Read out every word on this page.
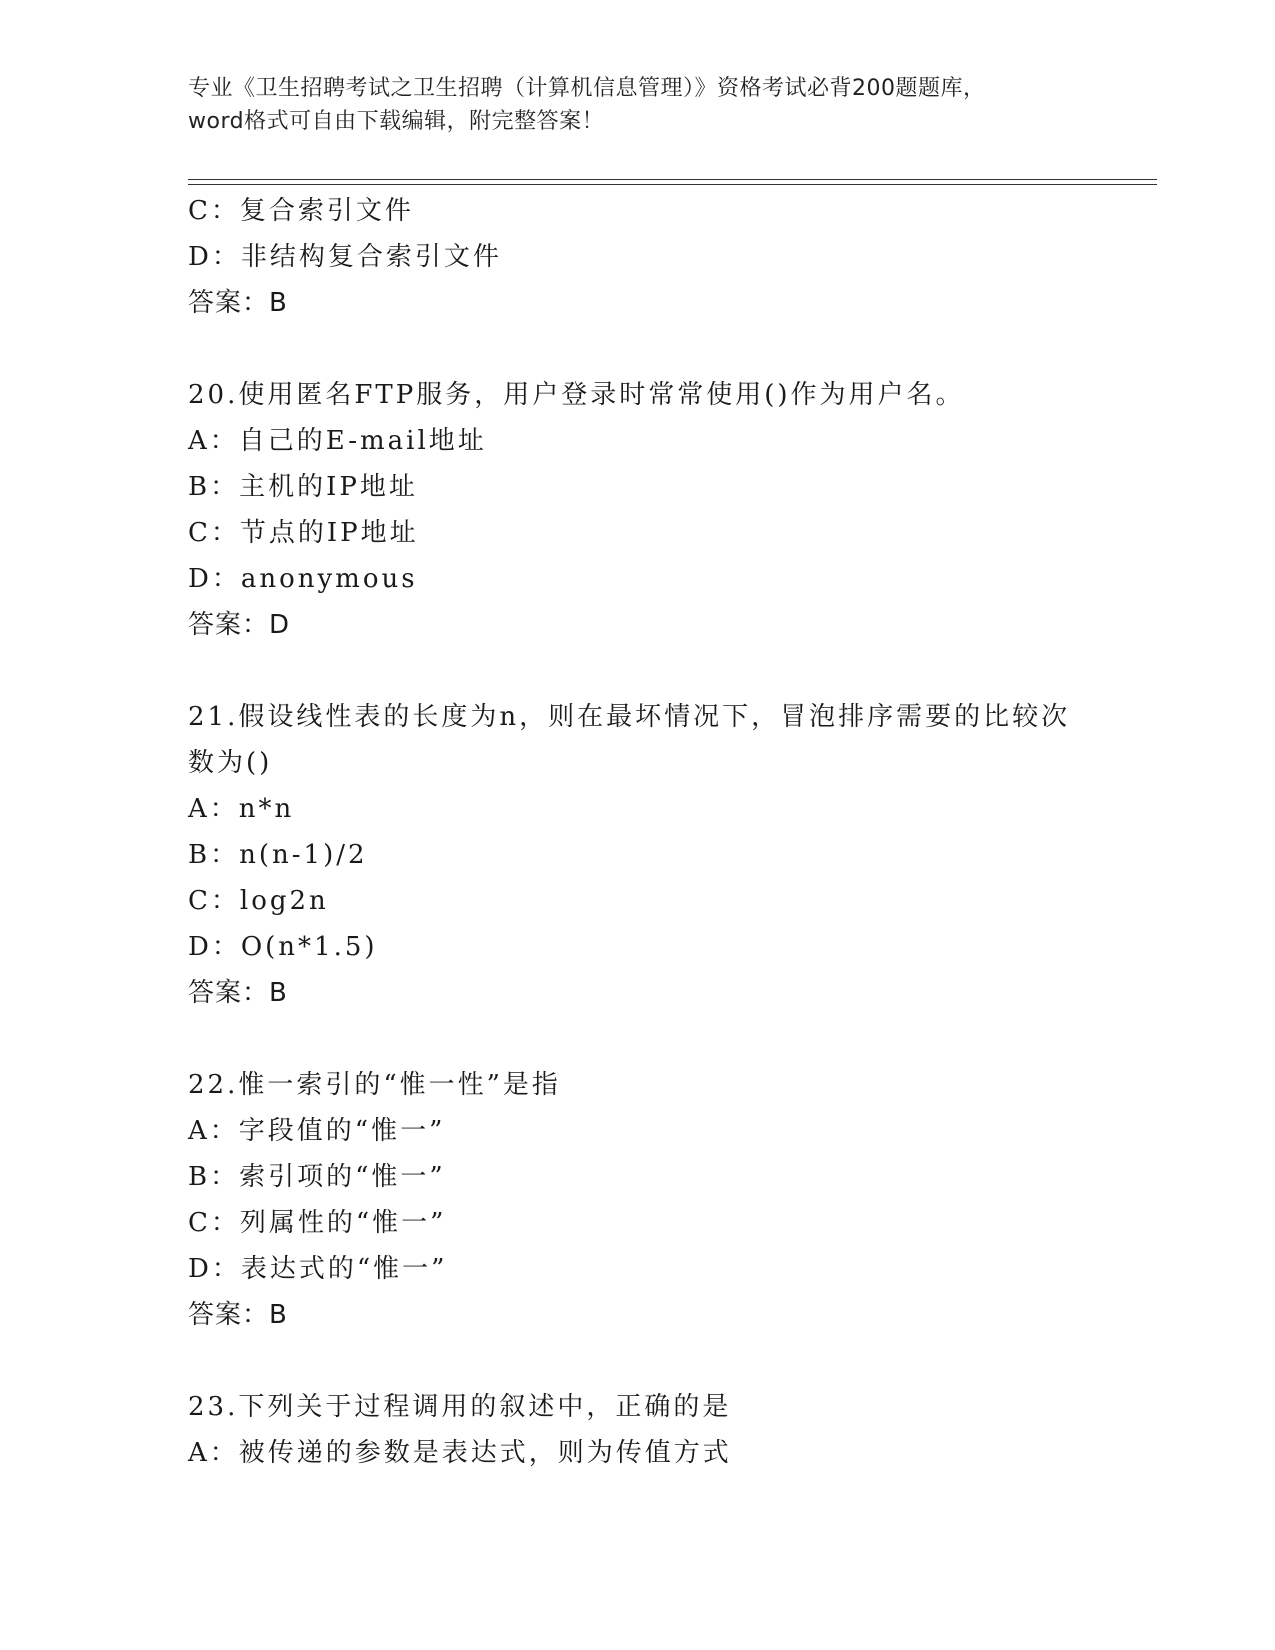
专业《卫生招聘考试之卫生招聘（计算机信息管理）》资格考试必背200题题库，
word格式可自由下载编辑，附完整答案！
C：复合索引文件
D：非结构复合索引文件
答案：B
20.使用匿名FTP服务，用户登录时常常使用()作为用户名。
A：自己的E-mail地址
B：主机的IP地址
C：节点的IP地址
D：anonymous
答案：D
21.假设线性表的长度为n，则在最坏情况下，冒泡排序需要的比较次
数为()
A：n*n
B：n(n-1)/2
C：log2n
D：O(n*1.5)
答案：B
22.惟一索引的“惟一性”是指
A：字段值的“惟一”
B：索引项的“惟一”
C：列属性的“惟一”
D：表达式的“惟一”
答案：B
23.下列关于过程调用的叙述中，正确的是
A：被传递的参数是表达式，则为传值方式
